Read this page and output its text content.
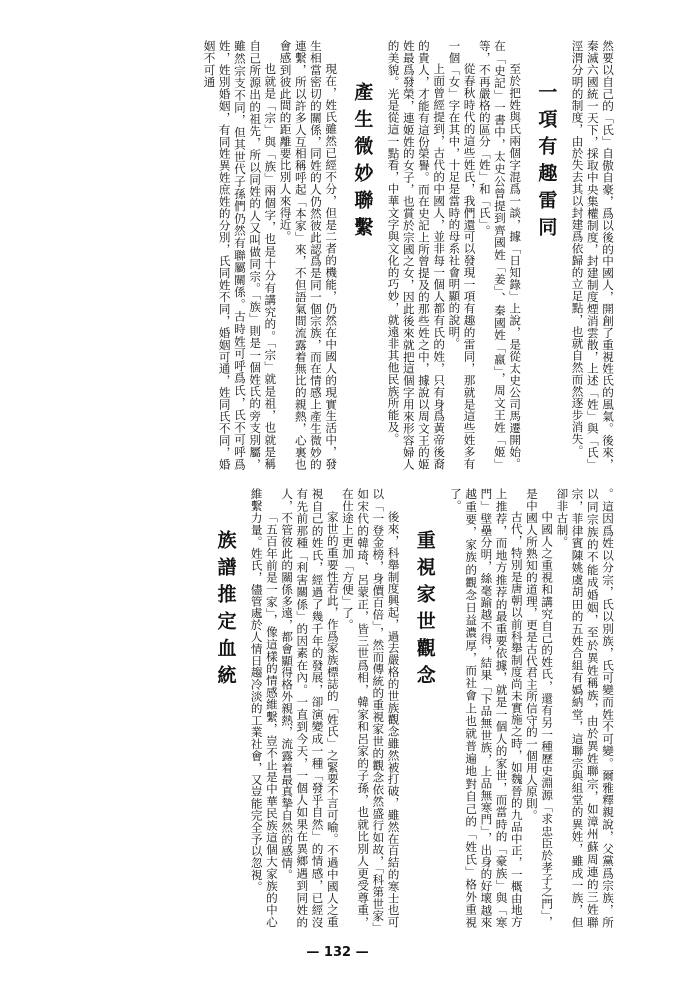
然要以自己的「氏」自傲自豪，爲以後的中國人，開創了重視姓氏的風氣。後來，秦滅六國統一天下，採取中央集權制度，封建制度煙消雲散，上述「姓」與「氏」涇渭分明的制度，由於失去其以封建爲依歸的立足點，也就自然而然逐步消失。
一項有趣雷同
至於把姓與氏兩個字混爲一談，據「日知錄」上說，是從太史公司馬遷開始。在「史記」一書中，太史公曾提到齊國姓「姜」、秦國姓「嬴」，周文王姓「姬」等，不再嚴格的區分「姓」和「氏」。
從春秋時代的這些姓氏，我們還可以發現一項有趣的雷同，那就是這些姓多有一個「女」字在其中，十足是當時的母系社會明顯的說明。
上面曾經提到，古代的中國人，並非每一個人都有氏的姓，只有身爲黃帝後裔的貴人，才能有這份榮譽。而在史記上所曾提及的那些姓之中，據說以周文王的姬姓最爲發榮，連姬姓的女子，也賞於宗國之女，因此後來就把這個字用來形容婦人的美貌。光是從這一點看，中華文字與文化的巧妙，就遠非其他民族所能及。
產生微妙聯繫
現在，姓氏雖然已經不分，但是二者的機能，仍然在中國人的現實生活中，發生相當密切的關係，同姓的人仍然彼此認爲是同一個宗族，而在情感上產生微妙的連繫，所以許多人互相稱呼起「本家」來，不但語氣間流露着無比的親熱，心裏也會感到彼此間的距離要比別人來得近。
也就是「宗」與「族」兩個字，也是十分有講究的。「宗」就是祖，也就是稱自己所源出的祖先，所以同姓的人又叫做同宗。「族」則是一個姓氏的旁支別屬，雖然宗支不同，但其世代子孫們仍然有聯屬關係。古時姓可呼爲氏，氏不可呼爲姓，姓別婚姻，有同姓異姓庶姓的分別，氏同姓不同，婚姻可通，姓同氏不同，婚姻不可通
。這因爲姓以分宗，氏以別族，氏可變而姓不可變。爾雅釋親說，父黨爲宗族，所以同宗族的不能成婚姻，至於異姓稱族，由於異姓聯宗，如漳州蘇周連的三姓聯宗，菲律賓陳姚虞胡田的五姓合組有嬀納堂，這聯宗與組堂的異姓，雖成一族，但卻非古制。
中國人之重視和講究自己的姓氏，還有另一種歷史淵源「求忠臣於孝子之門」，是中國人所熟知的道理，更是古代君主所信守的一個用人原則。
古代，特別是唐朝以前科舉制度尚未實施之時，如魏晉的九品中正，一概由地方上推荐，而地方推荐的最重要依據，就是一個人的家世，而當時的「豪族」與「寒門」壁壘分明，絲毫踰越不得，結果「下品無世族，上品無寒門」，出身的好壞越來越重要，家族的觀念日益濃厚，而社會上也就普遍地對自己的「姓氏」格外重視了。
重視家世觀念
後來，科舉制度興起，過去嚴格的世族觀念雖然被打破，雖然在百結的寒士也可以「一登金榜，身價百倍」，然而傳統的重視家世的觀念依然盛行如故，「科第世家」如宋代的韓琦、呂蒙正，皆三世爲相，韓家和呂家的子孫，也就比別人更受尊重，在仕途上更加「方便」了。
家世的重要性若此，作爲家族標誌的「姓氏」之緊要不言可喻。不過中國人之重視自己的姓氏，經過了幾千年的發展，卻演變成一種「發乎自然」的情感，已經沒有先前那種「利害關係」的因素在內。一直到今天，一個人如果在異鄉遇到同姓的人，不管彼此的關係多遠，都會顯得格外親熱，流露着最真摯自然的感情。
「五百年前是一家」，像這樣的情感維繫，豈不止是中華民族這個大家族的中心維繫力量。姓氏，儘管處於人情日趨冷淡的工業社會，又豈能完全予以忽視。
族譜推定血統
— 132 —
